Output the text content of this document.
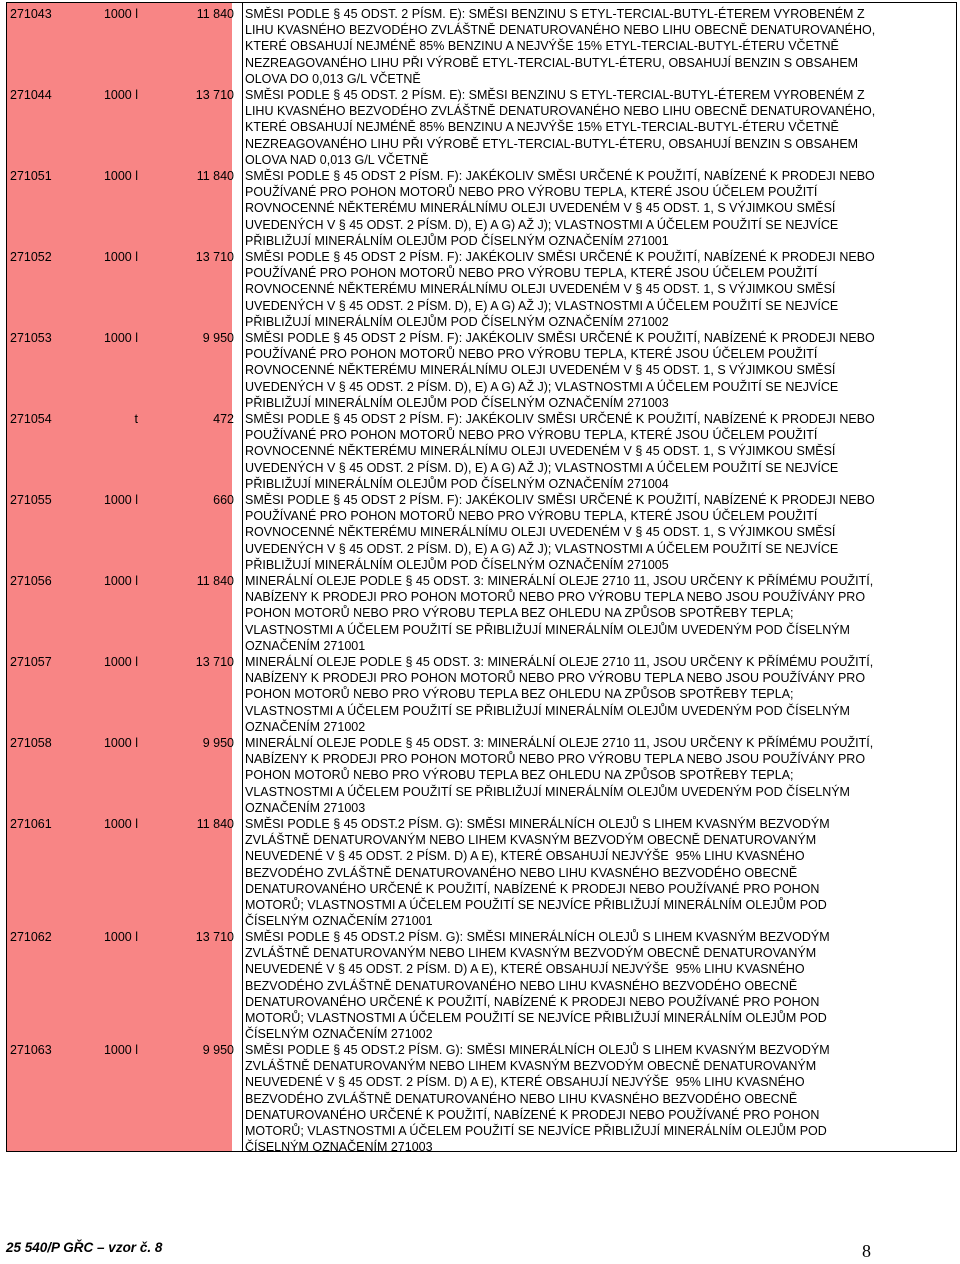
271043	1000 l	11 840 SMĚSI PODLE § 45 ODST. 2 PÍSM. E): SMĚSI BENZINU S ETYL-TERCIAL-BUTYL-ÉTEREM VYROBENÉM Z
LIHU KVASNÉHO BEZVODÉHO ZVLÁŠTNĚ DENATUROVANÉHO NEBO LIHU OBECNĚ DENATUROVANÉHO,
KTERÉ OBSAHUJÍ NEJMÉNĚ 85% BENZINU A NEJVÝŠE 15% ETYL-TERCIAL-BUTYL-ÉTERU VČETNĚ
NEZREAGOVANÉHO LIHU PŘI VÝROBĚ ETYL-TERCIAL-BUTYL-ÉTERU, OBSAHUJÍ BENZIN S OBSAHEM
OLOVA DO 0,013 G/L VČETNĚ
271044	1000 l	13 710 SMĚSI PODLE § 45 ODST. 2 PÍSM. E): SMĚSI BENZINU S ETYL-TERCIAL-BUTYL-ÉTEREM VYROBENÉM Z
LIHU KVASNÉHO BEZVODÉHO ZVLÁŠTNĚ DENATUROVANÉHO NEBO LIHU OBECNĚ DENATUROVANÉHO,
KTERÉ OBSAHUJÍ NEJMÉNĚ 85% BENZINU A NEJVÝŠE 15% ETYL-TERCIAL-BUTYL-ÉTERU VČETNĚ
NEZREAGOVANÉHO LIHU PŘI VÝROBĚ ETYL-TERCIAL-BUTYL-ÉTERU, OBSAHUJÍ BENZIN S OBSAHEM
OLOVA NAD 0,013 G/L VČETNĚ
271051	1000 l	11 840 SMĚSI PODLE § 45 ODST 2 PÍSM. F): JAKÉKOLIV SMĚSI URČENÉ K POUŽITÍ, NABÍZENÉ K PRODEJI NEBO
POUŽÍVANÉ PRO POHON MOTORŮ NEBO PRO VÝROBU TEPLA, KTERÉ JSOU ÚČELEM POUŽITÍ
ROVNOCENNÉ NĚKTERÉMU MINERÁLNÍMU OLEJI UVEDENÉM V § 45 ODST. 1, S VÝJIMKOU SMĚSÍ
UVEDENÝCH V § 45 ODST. 2 PÍSM. D), E) A G) AŽ J); VLASTNOSTMI A ÚČELEM POUŽITÍ SE NEJVÍCE
PŘIBLIŽUJÍ MINERÁLNÍM OLEJŮM POD ČÍSELNÝM OZNAČENÍM 271001
271052	1000 l	13 710 SMĚSI PODLE § 45 ODST 2 PÍSM. F): JAKÉKOLIV SMĚSI URČENÉ K POUŽITÍ, NABÍZENÉ K PRODEJI NEBO
POUŽÍVANÉ PRO POHON MOTORŮ NEBO PRO VÝROBU TEPLA, KTERÉ JSOU ÚČELEM POUŽITÍ
ROVNOCENNÉ NĚKTERÉMU MINERÁLNÍMU OLEJI UVEDENÉM V § 45 ODST. 1, S VÝJIMKOU SMĚSÍ
UVEDENÝCH V § 45 ODST. 2 PÍSM. D), E) A G) AŽ J); VLASTNOSTMI A ÚČELEM POUŽITÍ SE NEJVÍCE
PŘIBLIŽUJÍ MINERÁLNÍM OLEJŮM POD ČÍSELNÝM OZNAČENÍM 271002
271053	1000 l	9 950 SMĚSI PODLE § 45 ODST 2 PÍSM. F): JAKÉKOLIV SMĚSI URČENÉ K POUŽITÍ, NABÍZENÉ K PRODEJI NEBO
POUŽÍVANÉ PRO POHON MOTORŮ NEBO PRO VÝROBU TEPLA, KTERÉ JSOU ÚČELEM POUŽITÍ
ROVNOCENNÉ NĚKTERÉMU MINERÁLNÍMU OLEJI UVEDENÉM V § 45 ODST. 1, S VÝJIMKOU SMĚSÍ
UVEDENÝCH V § 45 ODST. 2 PÍSM. D), E) A G) AŽ J); VLASTNOSTMI A ÚČELEM POUŽITÍ SE NEJVÍCE
PŘIBLIŽUJÍ MINERÁLNÍM OLEJŮM POD ČÍSELNÝM OZNAČENÍM 271003
271054	t	472 SMĚSI PODLE § 45 ODST 2 PÍSM. F): JAKÉKOLIV SMĚSI URČENÉ K POUŽITÍ, NABÍZENÉ K PRODEJI NEBO
POUŽÍVANÉ PRO POHON MOTORŮ NEBO PRO VÝROBU TEPLA, KTERÉ JSOU ÚČELEM POUŽITÍ
ROVNOCENNÉ NĚKTERÉMU MINERÁLNÍMU OLEJI UVEDENÉM V § 45 ODST. 1, S VÝJIMKOU SMĚSÍ
UVEDENÝCH V § 45 ODST. 2 PÍSM. D), E) A G) AŽ J); VLASTNOSTMI A ÚČELEM POUŽITÍ SE NEJVÍCE
PŘIBLIŽUJÍ MINERÁLNÍM OLEJŮM POD ČÍSELNÝM OZNAČENÍM 271004
271055	1000 l	660 SMĚSI PODLE § 45 ODST 2 PÍSM. F): JAKÉKOLIV SMĚSI URČENÉ K POUŽITÍ, NABÍZENÉ K PRODEJI NEBO
POUŽÍVANÉ PRO POHON MOTORŮ NEBO PRO VÝROBU TEPLA, KTERÉ JSOU ÚČELEM POUŽITÍ
ROVNOCENNÉ NĚKTERÉMU MINERÁLNÍMU OLEJI UVEDENÉM V § 45 ODST. 1, S VÝJIMKOU SMĚSÍ
UVEDENÝCH V § 45 ODST. 2 PÍSM. D), E) A G) AŽ J); VLASTNOSTMI A ÚČELEM POUŽITÍ SE NEJVÍCE
PŘIBLIŽUJÍ MINERÁLNÍM OLEJŮM POD ČÍSELNÝM OZNAČENÍM 271005
271056	1000 l	11 840 MINERÁLNÍ OLEJE PODLE § 45 ODST. 3: MINERÁLNÍ OLEJE 2710 11, JSOU URČENY K PŘÍMÉMU POUŽITÍ,
NABÍZENY K PRODEJI PRO POHON MOTORŮ NEBO PRO VÝROBU TEPLA NEBO JSOU POUŽÍVÁNY PRO
POHON MOTORŮ NEBO PRO VÝROBU TEPLA BEZ OHLEDU NA ZPŮSOB SPOTŘEBY TEPLA;
VLASTNOSTMI A ÚČELEM POUŽITÍ SE PŘIBLIŽUJÍ MINERÁLNÍM OLEJŮM UVEDENÝM POD ČÍSELNÝM
OZNAČENÍM 271001
271057	1000 l	13 710 MINERÁLNÍ OLEJE PODLE § 45 ODST. 3: MINERÁLNÍ OLEJE 2710 11, JSOU URČENY K PŘÍMÉMU POUŽITÍ,
NABÍZENY K PRODEJI PRO POHON MOTORŮ NEBO PRO VÝROBU TEPLA NEBO JSOU POUŽÍVÁNY PRO
POHON MOTORŮ NEBO PRO VÝROBU TEPLA BEZ OHLEDU NA ZPŮSOB SPOTŘEBY TEPLA;
VLASTNOSTMI A ÚČELEM POUŽITÍ SE PŘIBLIŽUJÍ MINERÁLNÍM OLEJŮM UVEDENÝM POD ČÍSELNÝM
OZNAČENÍM 271002
271058	1000 l	9 950 MINERÁLNÍ OLEJE PODLE § 45 ODST. 3: MINERÁLNÍ OLEJE 2710 11, JSOU URČENY K PŘÍMÉMU POUŽITÍ,
NABÍZENY K PRODEJI PRO POHON MOTORŮ NEBO PRO VÝROBU TEPLA NEBO JSOU POUŽÍVÁNY PRO
POHON MOTORŮ NEBO PRO VÝROBU TEPLA BEZ OHLEDU NA ZPŮSOB SPOTŘEBY TEPLA;
VLASTNOSTMI A ÚČELEM POUŽITÍ SE PŘIBLIŽUJÍ MINERÁLNÍM OLEJŮM UVEDENÝM POD ČÍSELNÝM
OZNAČENÍM 271003
271061	1000 l	11 840 SMĚSI PODLE § 45 ODST.2 PÍSM. G): SMĚSI MINERÁLNÍCH OLEJŮ S LIHEM KVASNÝM BEZVODÝM
ZVLÁŠTNĚ DENATUROVANÝM NEBO LIHEM KVASNÝM BEZVODÝM OBECNĚ DENATUROVANÝM
NEUVEDENÉ V § 45 ODST. 2 PÍSM. D) A E), KTERÉ OBSAHUJÍ NEJVÝŠE  95% LIHU KVASNÉHO
BEZVODÉHO ZVLÁŠTNĚ DENATUROVANÉHO NEBO LIHU KVASNÉHO BEZVODÉHO OBECNĚ
DENATUROVANÉHO URČENÉ K POUŽITÍ, NABÍZENÉ K PRODEJI NEBO POUŽÍVANÉ PRO POHON
MOTORŮ; VLASTNOSTMI A ÚČELEM POUŽITÍ SE NEJVÍCE PŘIBLIŽUJÍ MINERÁLNÍM OLEJŮM POD
ČÍSELNÝM OZNAČENÍM 271001
271062	1000 l	13 710 SMĚSI PODLE § 45 ODST.2 PÍSM. G): SMĚSI MINERÁLNÍCH OLEJŮ S LIHEM KVASNÝM BEZVODÝM
ZVLÁŠTNĚ DENATUROVANÝM NEBO LIHEM KVASNÝM BEZVODÝM OBECNĚ DENATUROVANÝM
NEUVEDENÉ V § 45 ODST. 2 PÍSM. D) A E), KTERÉ OBSAHUJÍ NEJVÝŠE  95% LIHU KVASNÉHO
BEZVODÉHO ZVLÁŠTNĚ DENATUROVANÉHO NEBO LIHU KVASNÉHO BEZVODÉHO OBECNĚ
DENATUROVANÉHO URČENÉ K POUŽITÍ, NABÍZENÉ K PRODEJI NEBO POUŽÍVANÉ PRO POHON
MOTORŮ; VLASTNOSTMI A ÚČELEM POUŽITÍ SE NEJVÍCE PŘIBLIŽUJÍ MINERÁLNÍM OLEJŮM POD
ČÍSELNÝM OZNAČENÍM 271002
271063	1000 l	9 950 SMĚSI PODLE § 45 ODST.2 PÍSM. G): SMĚSI MINERÁLNÍCH OLEJŮ S LIHEM KVASNÝM BEZVODÝM
ZVLÁŠTNĚ DENATUROVANÝM NEBO LIHEM KVASNÝM BEZVODÝM OBECNĚ DENATUROVANÝM
NEUVEDENÉ V § 45 ODST. 2 PÍSM. D) A E), KTERÉ OBSAHUJÍ NEJVÝŠE  95% LIHU KVASNÉHO
BEZVODÉHO ZVLÁŠTNĚ DENATUROVANÉHO NEBO LIHU KVASNÉHO BEZVODÉHO OBECNĚ
DENATUROVANÉHO URČENÉ K POUŽITÍ, NABÍZENÉ K PRODEJI NEBO POUŽÍVANÉ PRO POHON
MOTORŮ; VLASTNOSTMI A ÚČELEM POUŽITÍ SE NEJVÍCE PŘIBLIŽUJÍ MINERÁLNÍM OLEJŮM POD
ČÍSELNÝM OZNAČENÍM 271003
25 540/P GŘC – vzor č. 8	8
